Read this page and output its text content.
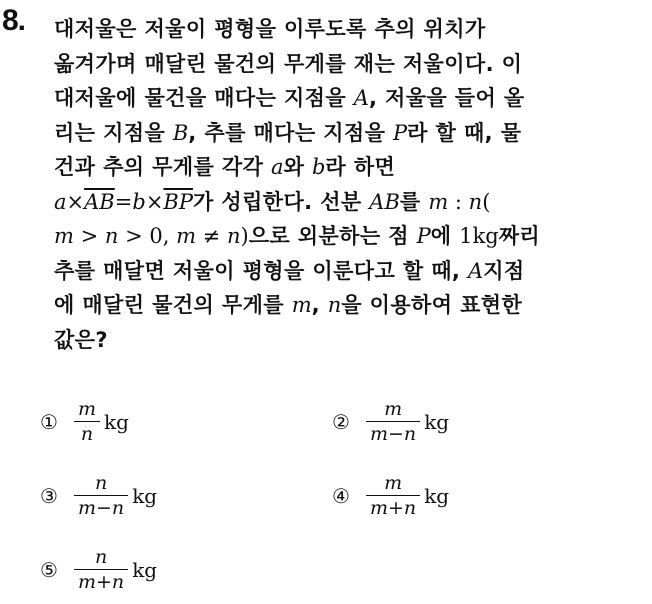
8. 대저울은 저울이 평형을 이루도록 추의 위치가
옮겨가며 매달린 물건의 무게를 재는 저울이다. 이
대저울에 물건을 매다는 지점을 A, 저울을 들어 올
리는 지점을 B, 추를 매다는 지점을 P라 할 때, 물
건과 추의 무게를 각각 a와 b라 하면
$a\times\overline{AB}=b\times\overline{BP}$가 성립한다. 선분 AB를 m : n(
m > n > 0, m ≠ n)으로 외분하는 점 P에 1kg짜리
추를 매달면 저울이 평형을 이룬다고 할 때, A지점
에 매달린 물건의 무게를 m, n을 이용하여 표현한
값은?
① $\frac{m}{n}$ kg	② $\frac{m}{m-n}$ kg
③ $\frac{n}{m-n}$ kg	④ $\frac{m}{m+n}$ kg
⑤ $\frac{n}{m+n}$ kg
